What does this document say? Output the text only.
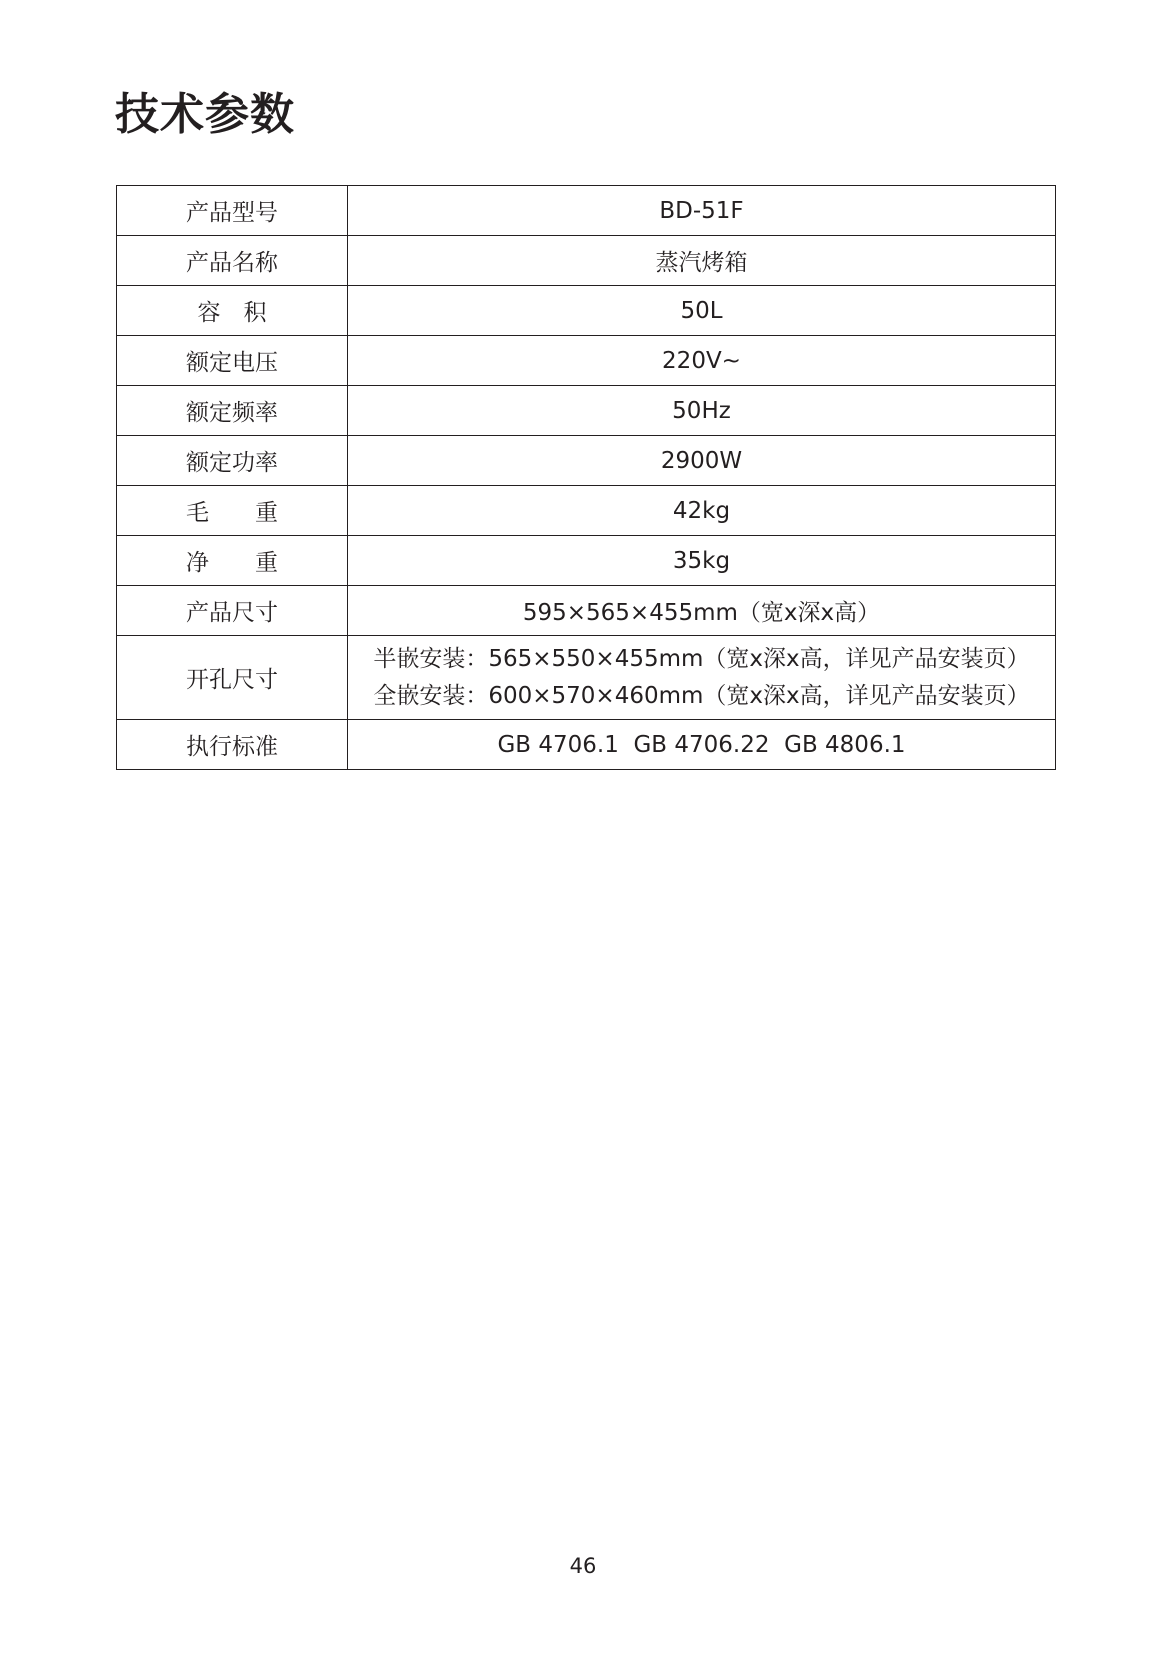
技术参数
产品型号	BD-51F
产品名称	蒸汽烤箱
容　积	50L
额定电压	220V~
额定频率	50Hz
额定功率	2900W
毛　　重	42kg
净　　重	35kg
产品尺寸	595×565×455mm（宽x深x高）
开孔尺寸	半嵌安装：565×550×455mm（宽x深x高，详见产品安装页）
全嵌安装：600×570×460mm（宽x深x高，详见产品安装页）

执行标准	GB 4706.1  GB 4706.22  GB 4806.1
46
